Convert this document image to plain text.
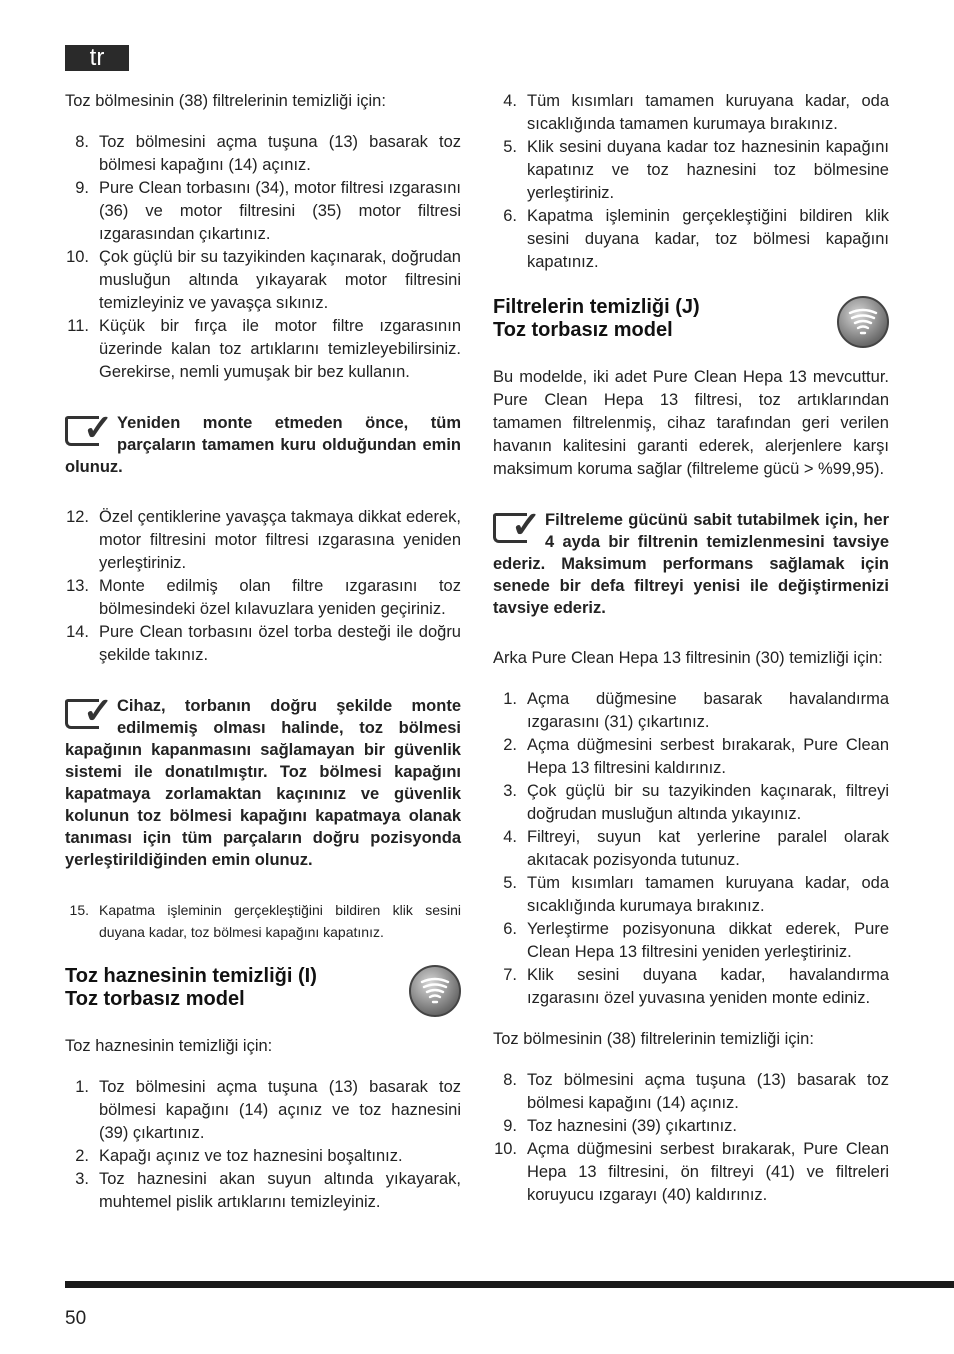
tr

Toz bölmesinin (38) filtrelerinin temizliği için:

8. Toz bölmesini açma tuşuna (13) basarak toz bölmesi kapağını (14) açınız.
9. Pure Clean torbasını (34), motor filtresi ızgarasını (36) ve motor filtresini (35) motor filtresi ızgarasından çıkartınız.
10. Çok güçlü bir su tazyikinden kaçınarak, doğrudan musluğun altında yıkayarak motor filtresini temizleyiniz ve yavaşça sıkınız.
11. Küçük bir fırça ile motor filtre ızgarasının üzerinde kalan toz artıklarını temizleyebilirsiniz. Gerekirse, nemli yumuşak bir bez kullanın.
✓ Yeniden monte etmeden önce, tüm parçaların tamamen kuru olduğundan emin olunuz.
12. Özel çentiklerine yavaşça takmaya dikkat ederek, motor filtresini motor filtresi ızgarasına yeniden yerleştiriniz.
13. Monte edilmiş olan filtre ızgarasını toz bölmesindeki özel kılavuzlara yeniden geçiriniz.
14. Pure Clean torbasını özel torba desteği ile doğru şekilde takınız.
✓ Cihaz, torbanın doğru şekilde monte edilmemiş olması halinde, toz bölmesi kapağının kapanmasını sağlamayan bir güvenlik sistemi ile donatılmıştır. Toz bölmesi kapağını kapatmaya zorlamaktan kaçınınız ve güvenlik kolunun toz bölmesi kapağını kapatmaya olanak tanıması için tüm parçaların doğru pozisyonda yerleştirildiğinden emin olunuz.
15. Kapatma işleminin gerçekleştiğini bildiren klik sesini duyana kadar, toz bölmesi kapağını kapatınız.
Toz haznesinin temizliği (I)
Toz torbasız model

Toz haznesinin temizliği için:

1. Toz bölmesini açma tuşuna (13) basarak toz bölmesi kapağını (14) açınız ve toz haznesini (39) çıkartınız.
2. Kapağı açınız ve toz haznesini boşaltınız.
3. Toz haznesini akan suyun altında yıkayarak, muhtemel pislik artıklarını temizleyiniz.
4. Tüm kısımları tamamen kuruyana kadar, oda sıcaklığında tamamen kurumaya bırakınız.
5. Klik sesini duyana kadar toz haznesinin kapağını kapatınız ve toz haznesini toz bölmesine yerleştiriniz.
6. Kapatma işleminin gerçekleştiğini bildiren klik sesini duyana kadar, toz bölmesi kapağını kapatınız.
Filtrelerin temizliği (J)
Toz torbasız model

Bu modelde, iki adet Pure Clean Hepa 13 mevcuttur. Pure Clean Hepa 13 filtresi, toz artıklarından tamamen filtrelenmiş, cihaz tarafından geri verilen havanın kalitesini garanti ederek, alerjenlere karşı maksimum koruma sağlar (filtreleme gücü > %99,95).

✓ Filtreleme gücünü sabit tutabilmek için, her 4 ayda bir filtrenin temizlenmesini tavsiye ederiz. Maksimum performans sağlamak için senede bir defa filtreyi yenisi ile değiştirmenizi tavsiye ederiz.

Arka Pure Clean Hepa 13 filtresinin (30) temizliği için:

1. Açma düğmesine basarak havalandırma ızgarasını (31) çıkartınız.
2. Açma düğmesini serbest bırakarak, Pure Clean Hepa 13 filtresini kaldırınız.
3. Çok güçlü bir su tazyikinden kaçınarak, filtreyi doğrudan musluğun altında yıkayınız.
4. Filtreyi, suyun kat yerlerine paralel olarak akıtacak pozisyonda tutunuz.
5. Tüm kısımları tamamen kuruyana kadar, oda sıcaklığında kurumaya bırakınız.
6. Yerleştirme pozisyonuna dikkat ederek, Pure Clean Hepa 13 filtresini yeniden yerleştiriniz.
7. Klik sesini duyana kadar, havalandırma ızgarasını özel yuvasına yeniden monte ediniz.

Toz bölmesinin (38) filtrelerinin temizliği için:

8. Toz bölmesini açma tuşuna (13) basarak toz bölmesi kapağını (14) açınız.
9. Toz haznesini (39) çıkartınız.
10. Açma düğmesini serbest bırakarak, Pure Clean Hepa 13 filtresini, ön filtreyi (41) ve filtreleri koruyucu ızgarayı (40) kaldırınız.
50
